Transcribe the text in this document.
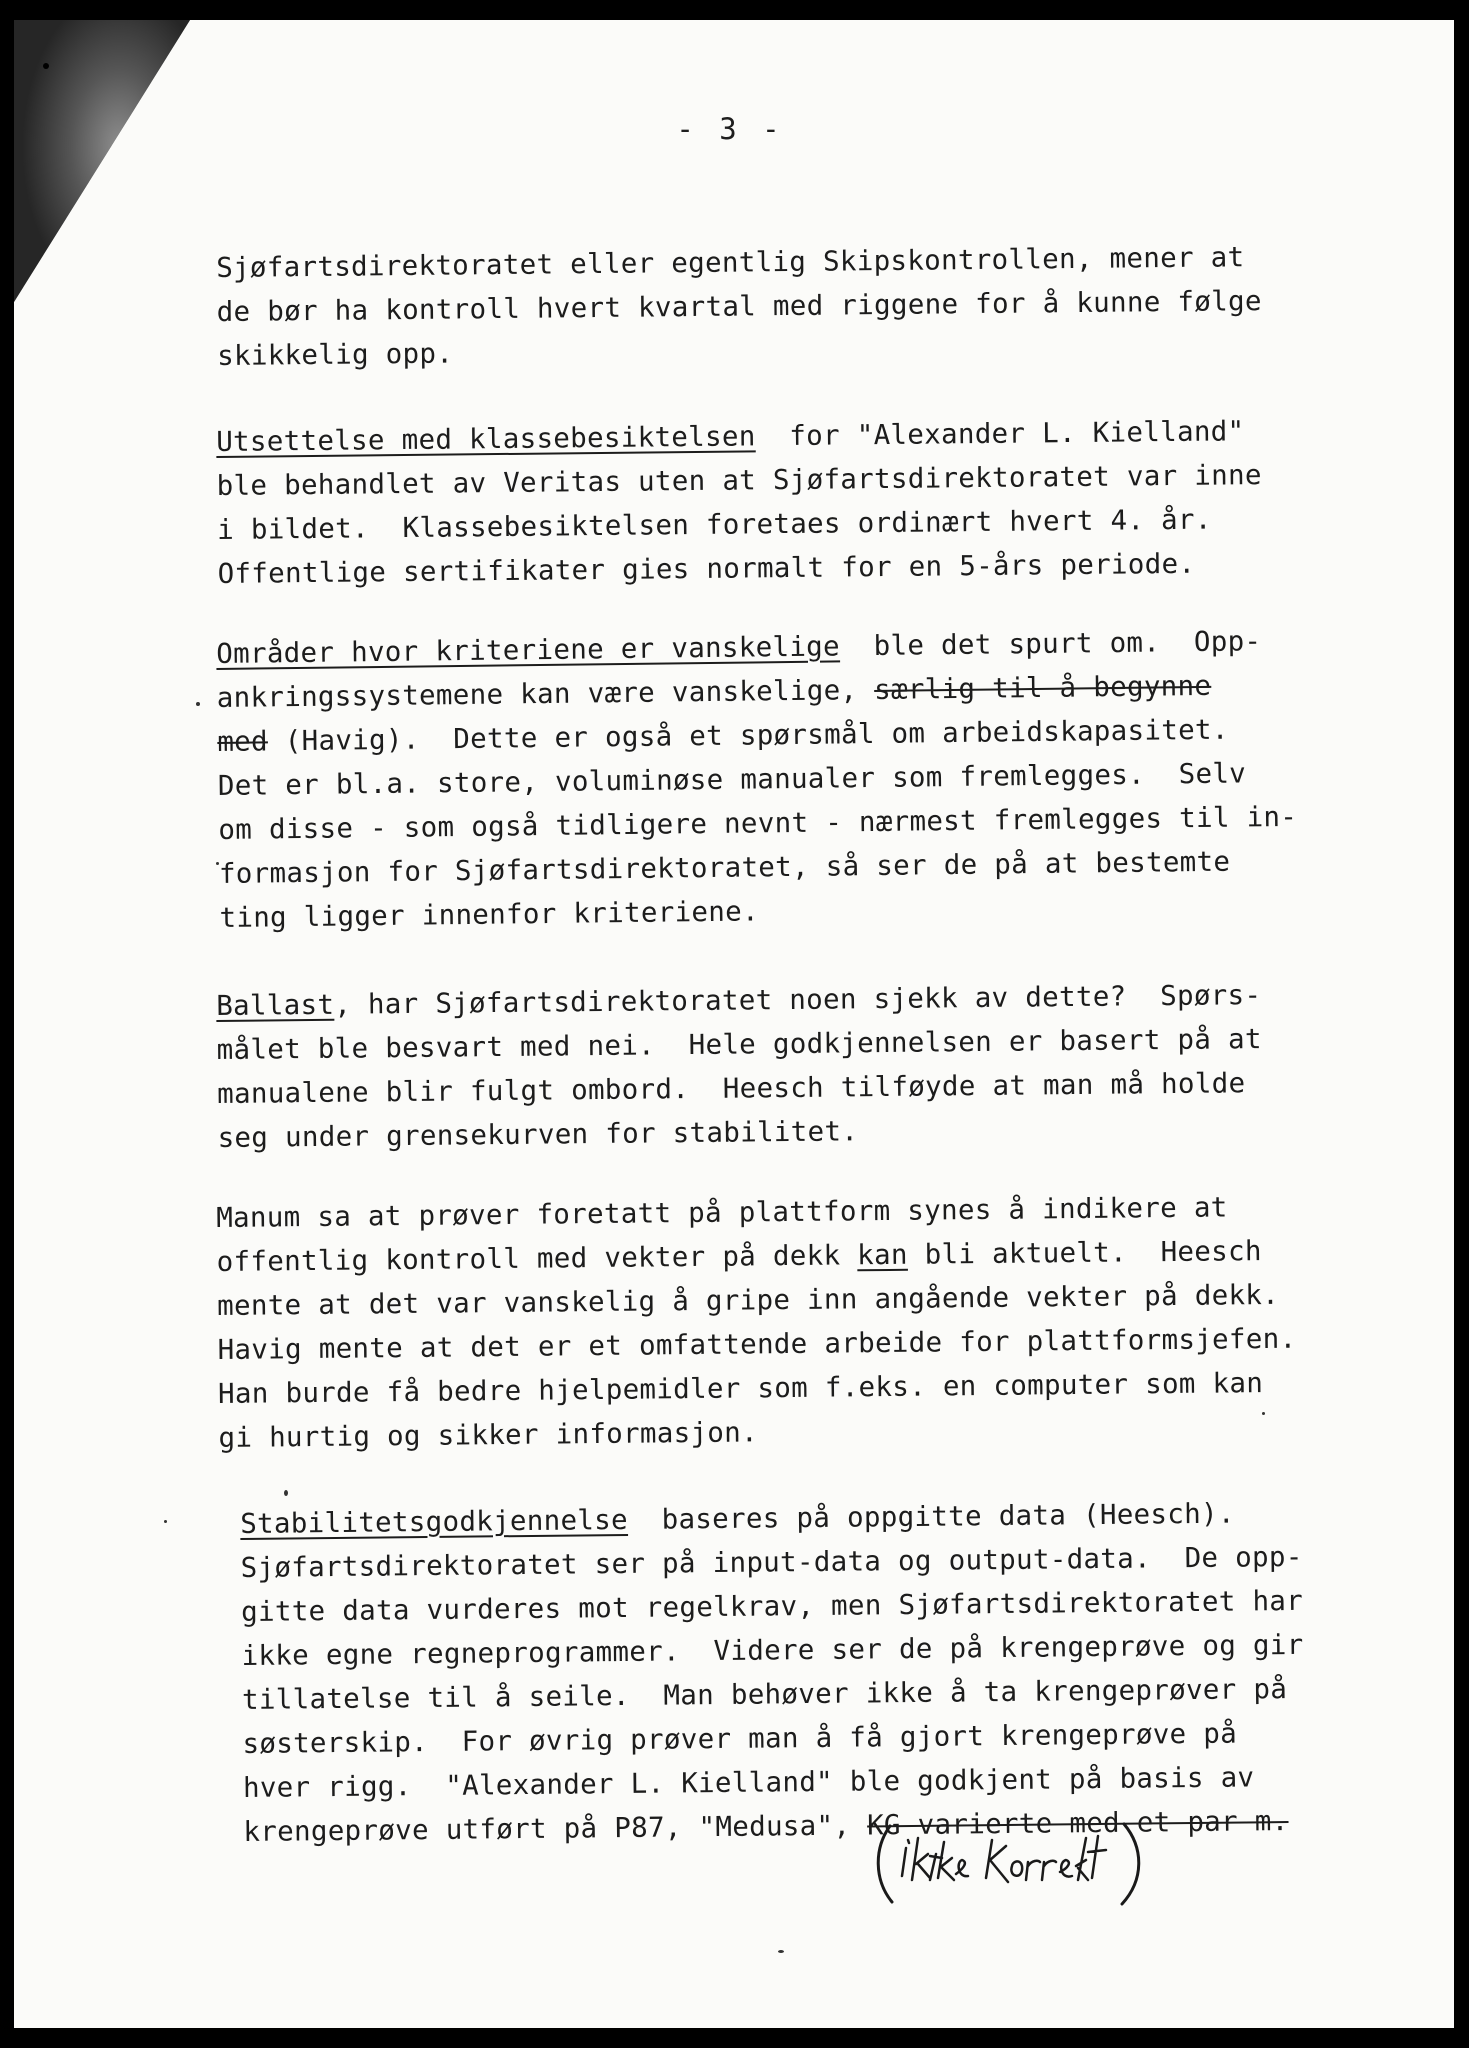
- 3 -
Sjøfartsdirektoratet eller egentlig Skipskontrollen, mener at
de bør ha kontroll hvert kvartal med riggene for å kunne følge
skikkelig opp.
Utsettelse med klassebesiktelsen  for "Alexander L. Kielland"
ble behandlet av Veritas uten at Sjøfartsdirektoratet var inne
i bildet.  Klassebesiktelsen foretaes ordinært hvert 4. år.
Offentlige sertifikater gies normalt for en 5-års periode.
Områder hvor kriteriene er vanskelige  ble det spurt om.  Opp-
ankringssystemene kan være vanskelige, særlig til å begynne
med (Havig).  Dette er også et spørsmål om arbeidskapasitet.
Det er bl.a. store, voluminøse manualer som fremlegges.  Selv
om disse - som også tidligere nevnt - nærmest fremlegges til in-
formasjon for Sjøfartsdirektoratet, så ser de på at bestemte
ting ligger innenfor kriteriene.
Ballast, har Sjøfartsdirektoratet noen sjekk av dette?  Spørs-
målet ble besvart med nei.  Hele godkjennelsen er basert på at
manualene blir fulgt ombord.  Heesch tilføyde at man må holde
seg under grensekurven for stabilitet.
Manum sa at prøver foretatt på plattform synes å indikere at
offentlig kontroll med vekter på dekk kan bli aktuelt.  Heesch
mente at det var vanskelig å gripe inn angående vekter på dekk.
Havig mente at det er et omfattende arbeide for plattformsjefen.
Han burde få bedre hjelpemidler som f.eks. en computer som kan
gi hurtig og sikker informasjon.
Stabilitetsgodkjennelse  baseres på oppgitte data (Heesch).
Sjøfartsdirektoratet ser på input-data og output-data.  De opp-
gitte data vurderes mot regelkrav, men Sjøfartsdirektoratet har
ikke egne regneprogrammer.  Videre ser de på krengeprøve og gir
tillatelse til å seile.  Man behøver ikke å ta krengeprøver på
søsterskip.  For øvrig prøver man å få gjort krengeprøve på
hver rigg.  "Alexander L. Kielland" ble godkjent på basis av
krengeprøve utført på P87, "Medusa", KG varierte med et par m.
